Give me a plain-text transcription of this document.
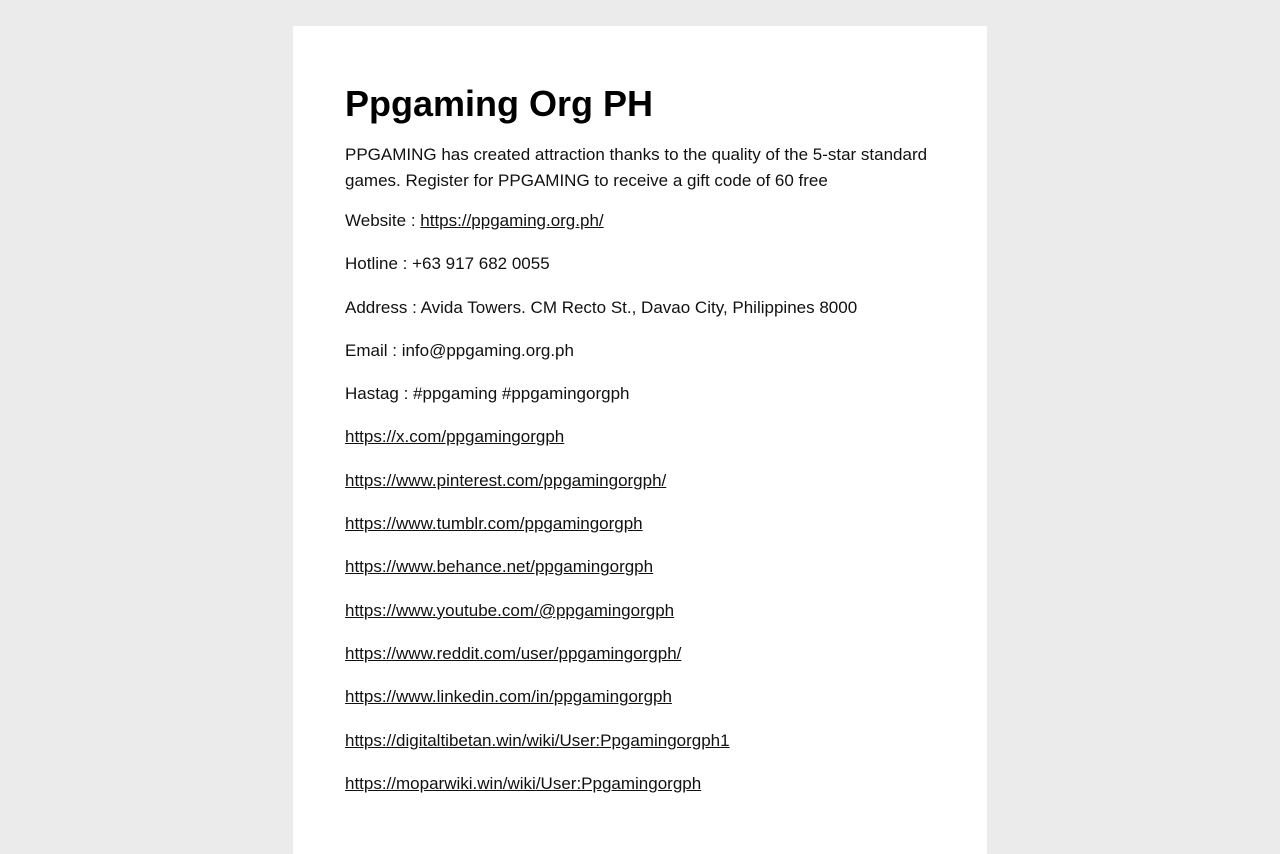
Ppgaming Org PH

PPGAMING has created attraction thanks to the quality of the 5-star standard games. Register for PPGAMING to receive a gift code of 60 free

Website : https://ppgaming.org.ph/

Hotline : +63 917 682 0055

Address : Avida Towers. CM Recto St., Davao City, Philippines 8000

Email : info@ppgaming.org.ph

Hastag : #ppgaming #ppgamingorgph

https://x.com/ppgamingorgph

https://www.pinterest.com/ppgamingorgph/

https://www.tumblr.com/ppgamingorgph

https://www.behance.net/ppgamingorgph

https://www.youtube.com/@ppgamingorgph

https://www.reddit.com/user/ppgamingorgph/

https://www.linkedin.com/in/ppgamingorgph

https://digitaltibetan.win/wiki/User:Ppgamingorgph1

https://moparwiki.win/wiki/User:Ppgamingorgph
